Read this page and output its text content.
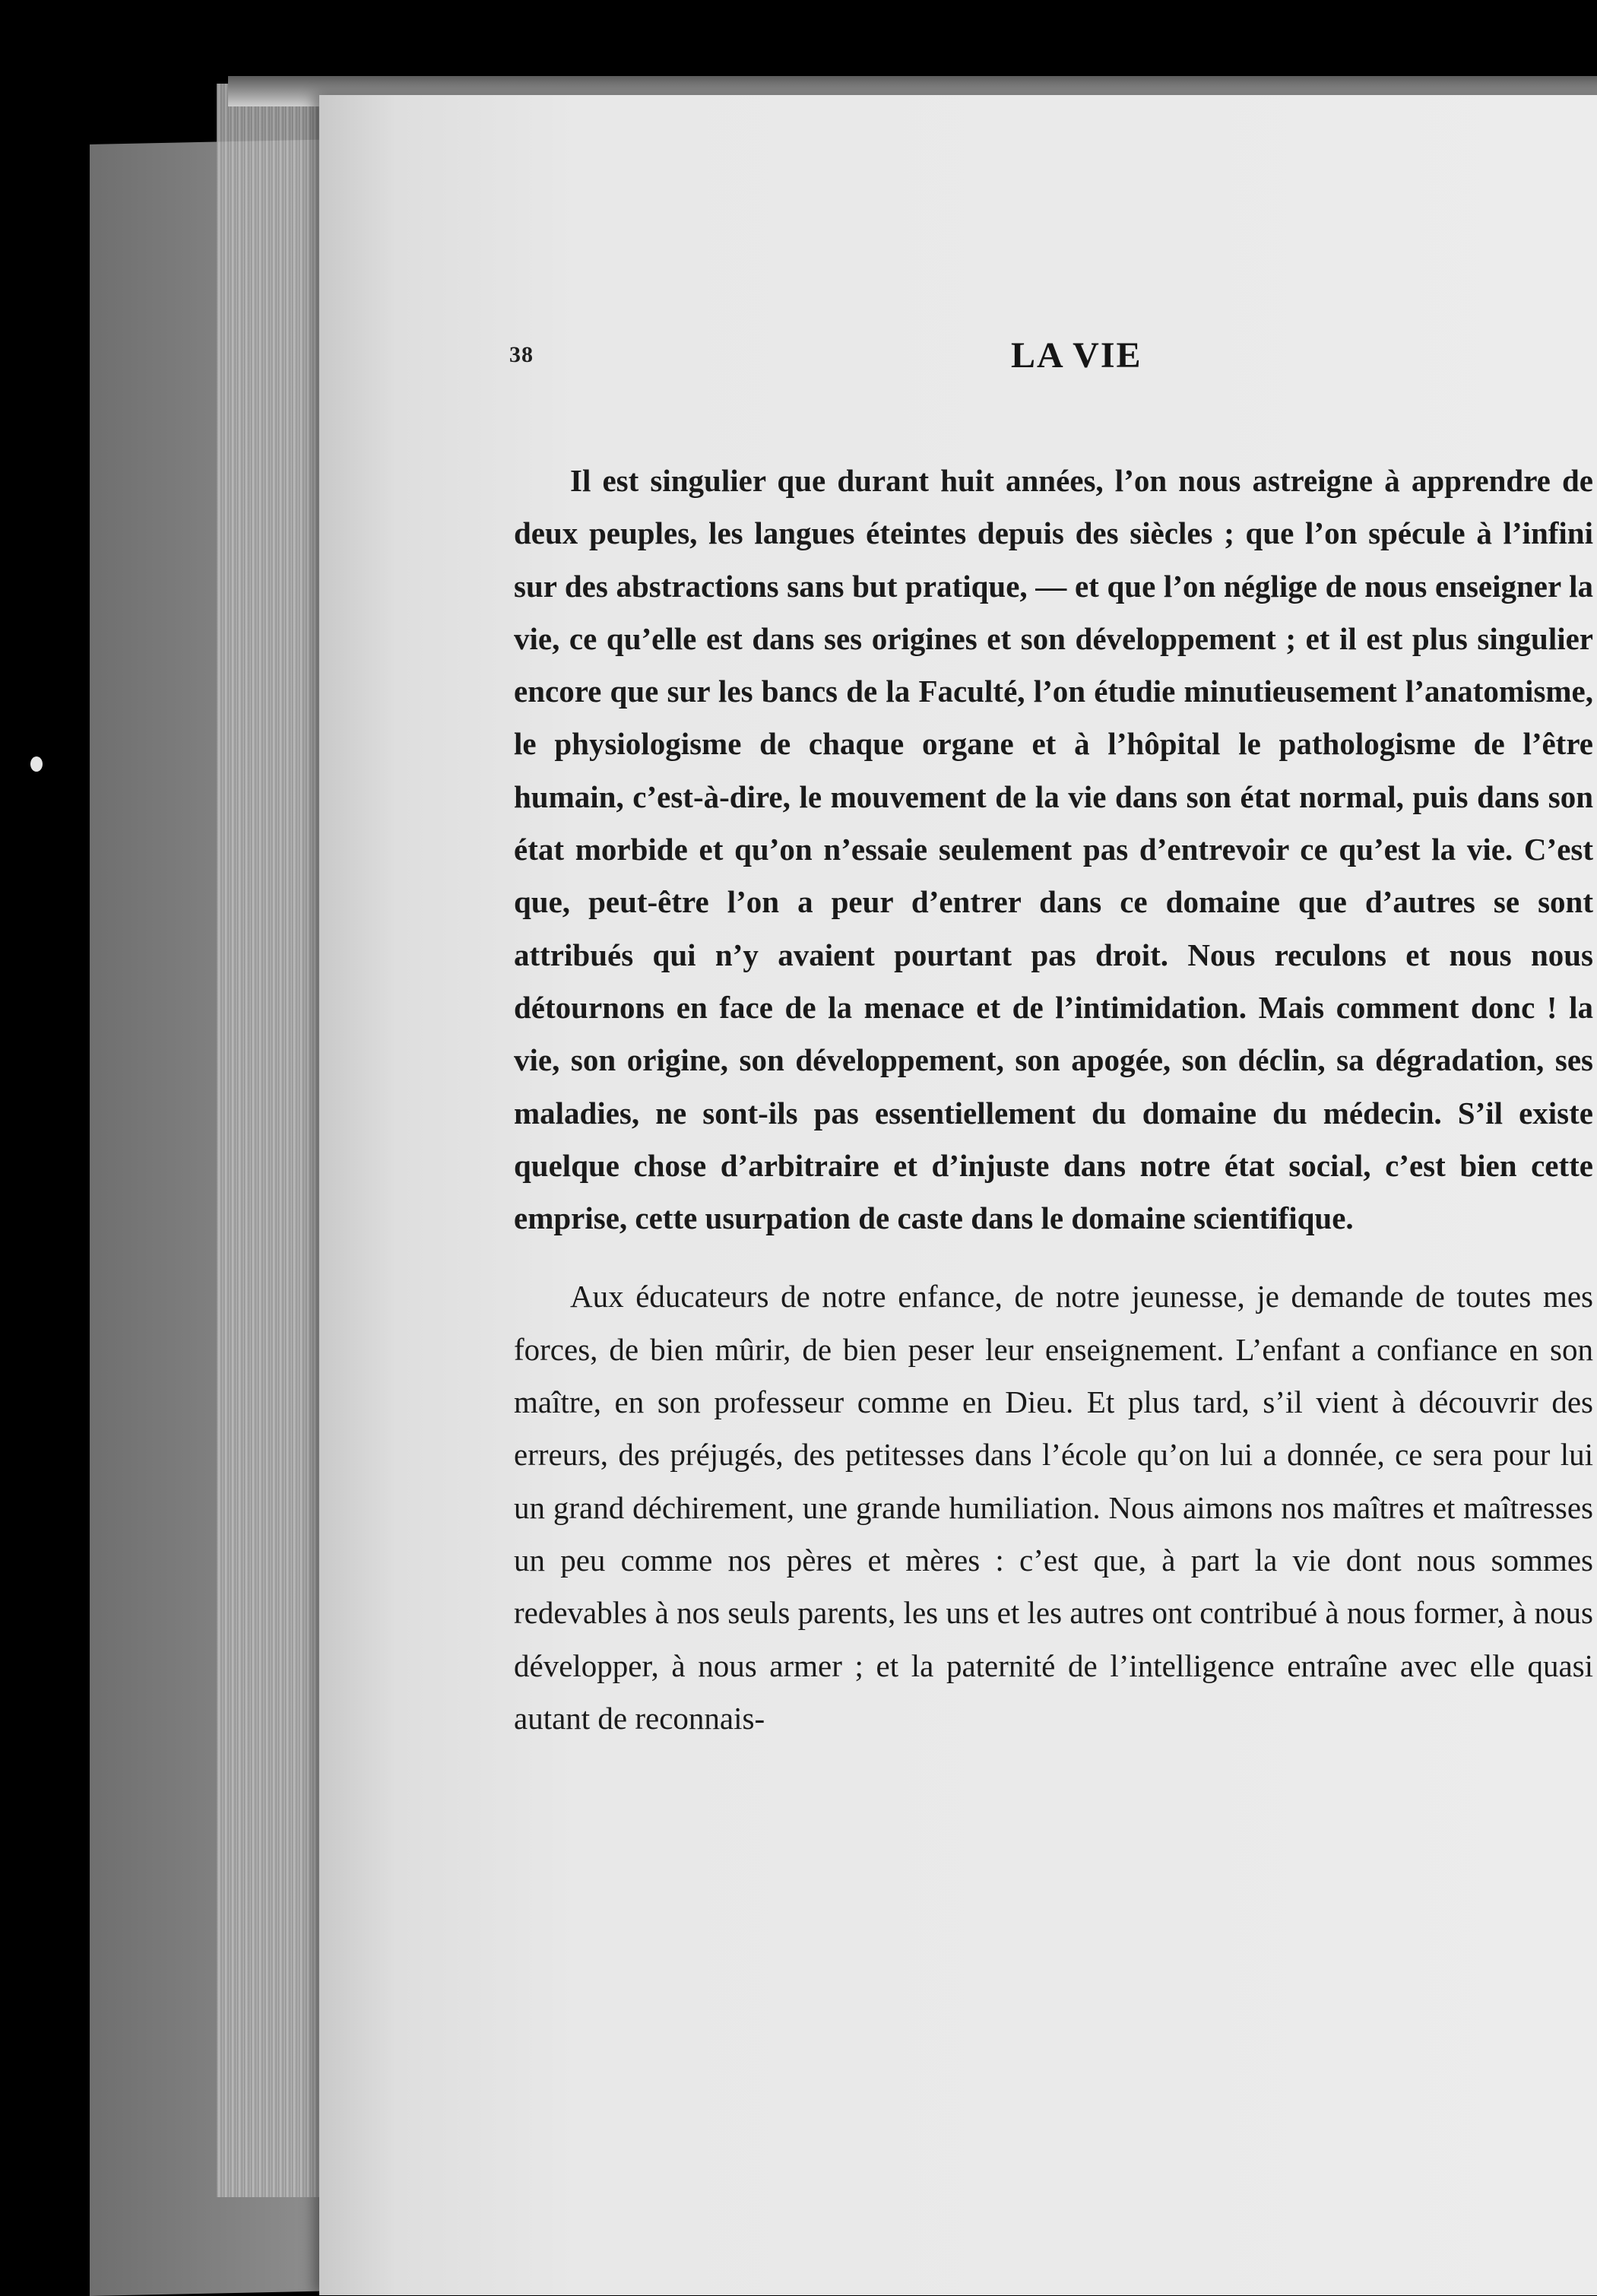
38	LA VIE

Il est singulier que durant huit années, l’on nous astreigne à apprendre de deux peuples, les langues éteintes depuis des siècles ; que l’on spécule à l’infini sur des abstractions sans but pratique, — et que l’on néglige de nous enseigner la vie, ce qu’elle est dans ses origines et son développement ; et il est plus singulier encore que sur les bancs de la Faculté, l’on étudie minutieusement l’anatomisme, le physiologisme de chaque organe et à l’hôpital le pathologisme de l’être humain, c’est-à-dire, le mouvement de la vie dans son état normal, puis dans son état morbide et qu’on n’essaie seulement pas d’entrevoir ce qu’est la vie. C’est que, peut-être l’on a peur d’entrer dans ce domaine que d’autres se sont attribués qui n’y avaient pourtant pas droit. Nous reculons et nous nous détournons en face de la menace et de l’intimidation. Mais comment donc ! la vie, son origine, son développement, son apogée, son déclin, sa dégradation, ses maladies, ne sont-ils pas essentiellement du domaine du médecin. S’il existe quelque chose d’arbitraire et d’injuste dans notre état social, c’est bien cette emprise, cette usurpation de caste dans le domaine scientifique.

Aux éducateurs de notre enfance, de notre jeunesse, je demande de toutes mes forces, de bien mûrir, de bien peser leur enseignement. L’enfant a confiance en son maître, en son professeur comme en Dieu. Et plus tard, s’il vient à découvrir des erreurs, des préjugés, des petitesses dans l’école qu’on lui a donnée, ce sera pour lui un grand déchirement, une grande humiliation. Nous aimons nos maîtres et maîtresses un peu comme nos pères et mères : c’est que, à part la vie dont nous sommes redevables à nos seuls parents, les uns et les autres ont contribué à nous former, à nous développer, à nous armer ; et la paternité de l’intelligence entraîne avec elle quasi autant de reconnais-
